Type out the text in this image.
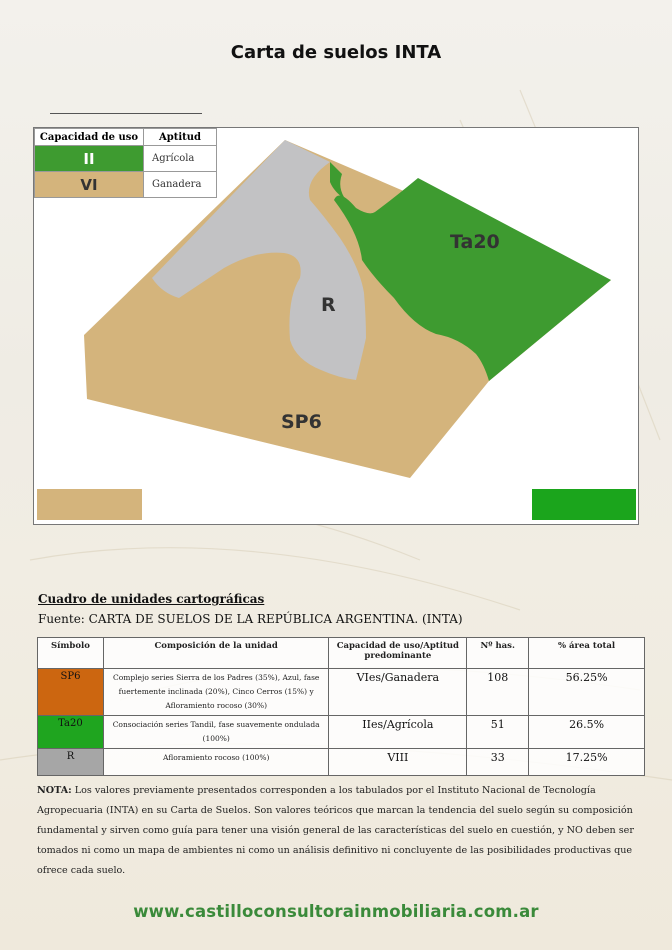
Carta de suelos INTA
Ta20
R
SP6
Capacidad de uso	Aptitud
II	Agrícola
VI	Ganadera
Cuadro de unidades cartográficas
Fuente: CARTA DE SUELOS DE LA REPÚBLICA ARGENTINA. (INTA)
Símbolo	Composición de la unidad	Capacidad de uso/Aptitud predominante	Nº has.	% área total
SP6	Complejo series Sierra de los Padres (35%), Azul, fase fuertemente inclinada (20%), Cinco Cerros (15%) y Afloramiento rocoso (30%)	VIes/Ganadera	108	56.25%
Ta20	Consociación series Tandil, fase suavemente ondulada (100%)	IIes/Agrícola	51	26.5%
R	Afloramiento rocoso (100%)	VIII	33	17.25%
NOTA: Los valores previamente presentados corresponden a los tabulados por el Instituto Nacional de Tecnología Agropecuaria (INTA) en su Carta de Suelos. Son valores teóricos que marcan la tendencia del suelo según su composición fundamental y sirven como guía para tener una visión general de las características del suelo en cuestión, y NO deben ser tomados ni como un mapa de ambientes ni como un análisis definitivo ni concluyente de las posibilidades productivas que ofrece cada suelo.
www.castilloconsultorainmobiliaria.com.ar
